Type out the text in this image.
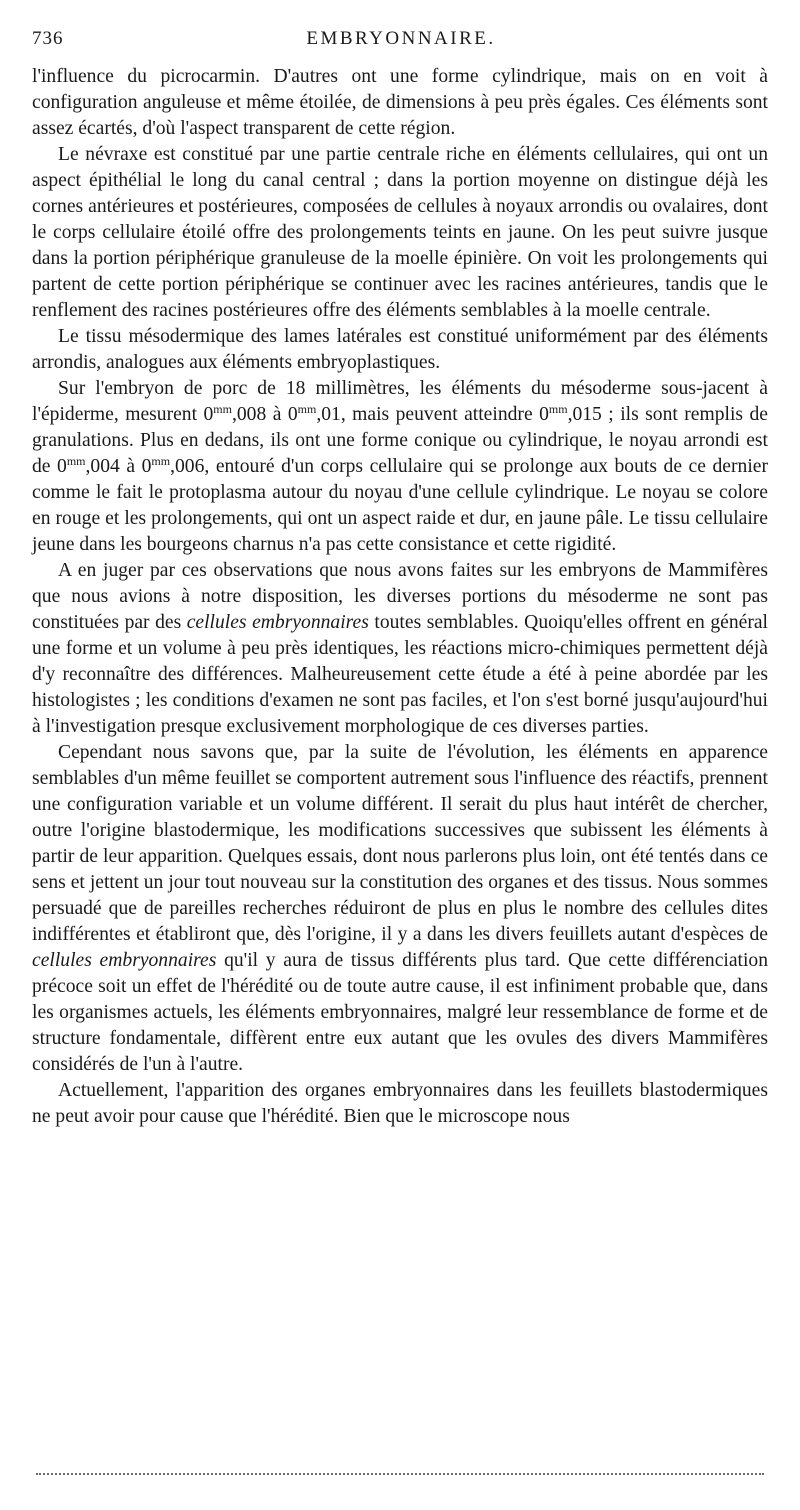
736	EMBRYONNAIRE.

l'influence du picrocarmin. D'autres ont une forme cylindrique, mais on en voit à configuration anguleuse et même étoilée, de dimensions à peu près égales. Ces éléments sont assez écartés, d'où l'aspect transparent de cette région.

Le névraxe est constitué par une partie centrale riche en éléments cellulaires, qui ont un aspect épithélial le long du canal central ; dans la portion moyenne on distingue déjà les cornes antérieures et postérieures, composées de cellules à noyaux arrondis ou ovalaires, dont le corps cellulaire étoilé offre des prolongements teints en jaune. On les peut suivre jusque dans la portion périphérique granuleuse de la moelle épinière. On voit les prolongements qui partent de cette portion périphérique se continuer avec les racines antérieures, tandis que le renflement des racines postérieures offre des éléments semblables à la moelle centrale.

Le tissu mésodermique des lames latérales est constitué uniformément par des éléments arrondis, analogues aux éléments embryoplastiques.

Sur l'embryon de porc de 18 millimètres, les éléments du mésoderme sous-jacent à l'épiderme, mesurent $0^{mm},008$ à $0^{mm},01$, mais peuvent atteindre $0^{mm},015$ ; ils sont remplis de granulations. Plus en dedans, ils ont une forme conique ou cylindrique, le noyau arrondi est de $0^{mm},004$ à $0^{mm},006$, entouré d'un corps cellulaire qui se prolonge aux bouts de ce dernier comme le fait le protoplasma autour du noyau d'une cellule cylindrique. Le noyau se colore en rouge et les prolongements, qui ont un aspect raide et dur, en jaune pâle. Le tissu cellulaire jeune dans les bourgeons charnus n'a pas cette consistance et cette rigidité.

A en juger par ces observations que nous avons faites sur les embryons de Mammifères que nous avions à notre disposition, les diverses portions du mésoderme ne sont pas constituées par des cellules embryonnaires toutes semblables. Quoiqu'elles offrent en général une forme et un volume à peu près identiques, les réactions micro-chimiques permettent déjà d'y reconnaître des différences. Malheureusement cette étude a été à peine abordée par les histologistes ; les conditions d'examen ne sont pas faciles, et l'on s'est borné jusqu'aujourd'hui à l'investigation presque exclusivement morphologique de ces diverses parties.

Cependant nous savons que, par la suite de l'évolution, les éléments en apparence semblables d'un même feuillet se comportent autrement sous l'influence des réactifs, prennent une configuration variable et un volume différent. Il serait du plus haut intérêt de chercher, outre l'origine blastodermique, les modifications successives que subissent les éléments à partir de leur apparition. Quelques essais, dont nous parlerons plus loin, ont été tentés dans ce sens et jettent un jour tout nouveau sur la constitution des organes et des tissus. Nous sommes persuadé que de pareilles recherches réduiront de plus en plus le nombre des cellules dites indifférentes et établiront que, dès l'origine, il y a dans les divers feuillets autant d'espèces de cellules embryonnaires qu'il y aura de tissus différents plus tard. Que cette différenciation précoce soit un effet de l'hérédité ou de toute autre cause, il est infiniment probable que, dans les organismes actuels, les éléments embryonnaires, malgré leur ressemblance de forme et de structure fondamentale, diffèrent entre eux autant que les ovules des divers Mammifères considérés de l'un à l'autre.

Actuellement, l'apparition des organes embryonnaires dans les feuillets blastodermiques ne peut avoir pour cause que l'hérédité. Bien que le microscope nous
